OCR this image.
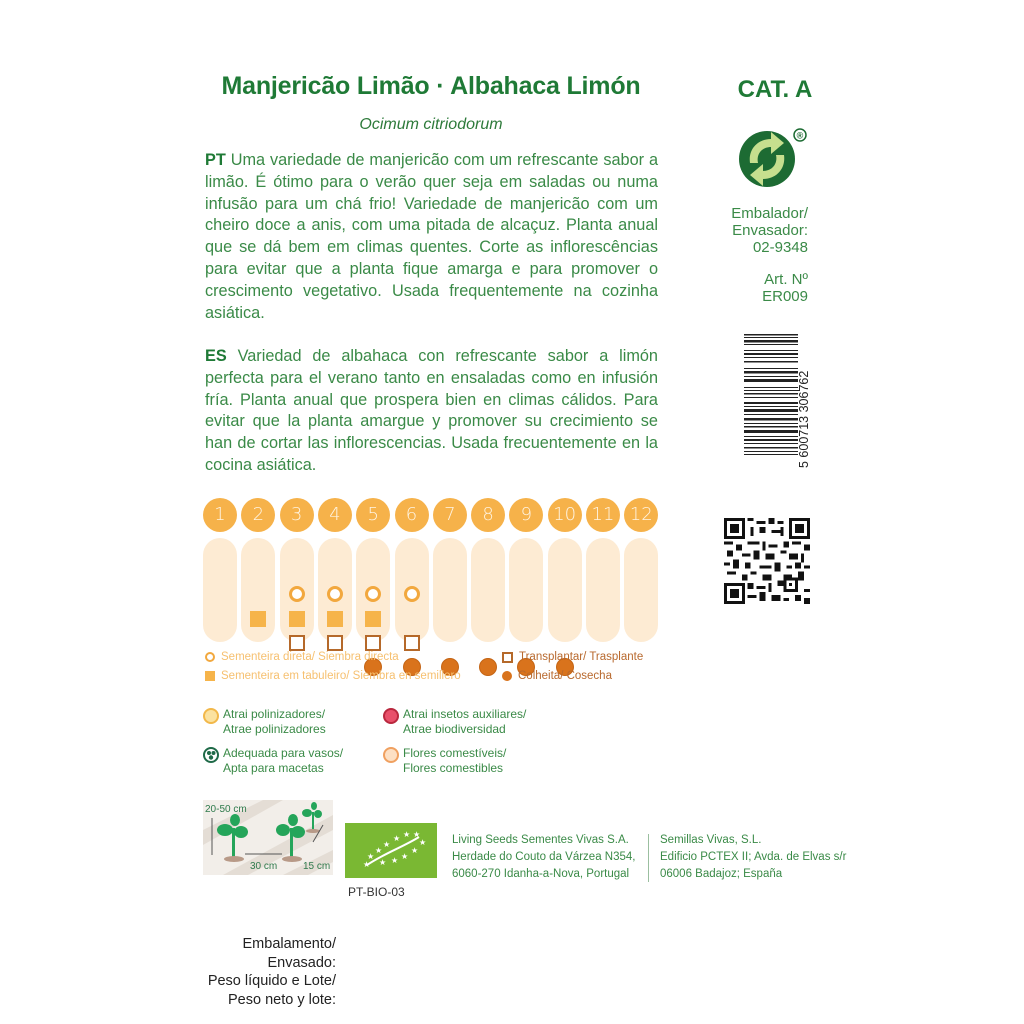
Manjericão Limão · Albahaca Limón
Ocimum citriodorum
PT Uma variedade de manjericão com um refrescante sabor a limão. É ótimo para o verão quer seja em saladas ou numa infusão para um chá frio! Variedade de manjericão com um cheiro doce a anis, com uma pitada de alcaçuz. Planta anual que se dá bem em climas quentes. Corte as inflorescências para evitar que a planta fique amarga e para promover o crescimento vegetativo. Usada frequentemente na cozinha asiática.
ES Variedad de albahaca con refrescante sabor a limón perfecta para el verano tanto en ensaladas como en infusión fría. Planta anual que prospera bien en climas cálidos. Para evitar que la planta amargue y promover su crecimiento se han de cortar las inflorescencias. Usada frecuentemente en la cocina asiática.
CAT. A
®
Embalador/
Envasador:
02-9348
Art. Nº
ER009
5 600713 306762
1	2	3	4	5	6	7	8	9	10 11 12
Sementeira direta/ Siembra directa
Sementeira em tabuleiro/ Siembra en semillero
Transplantar/ Trasplante
Colheita/ Cosecha
Atrai polinizadores/
Atrae polinizadores
Atrai insetos auxiliares/
Atrae biodiversidad
Adequada para vasos/
Apta para macetas
Flores comestíveis/
Flores comestibles
20-50 cm
30 cm	15 cm	★
★
★
★
★ ★ ★
★
★
★
★
★
PT-BIO-03
Living Seeds Sementes Vivas S.A.
Herdade do Couto da Várzea N354,
6060-270 Idanha-a-Nova, Portugal
Semillas Vivas, S.L.
Edificio PCTEX II; Avda. de Elvas s/r
06006 Badajoz; España
Embalamento/
Envasado:
Peso líquido e Lote/
Peso neto y lote:
